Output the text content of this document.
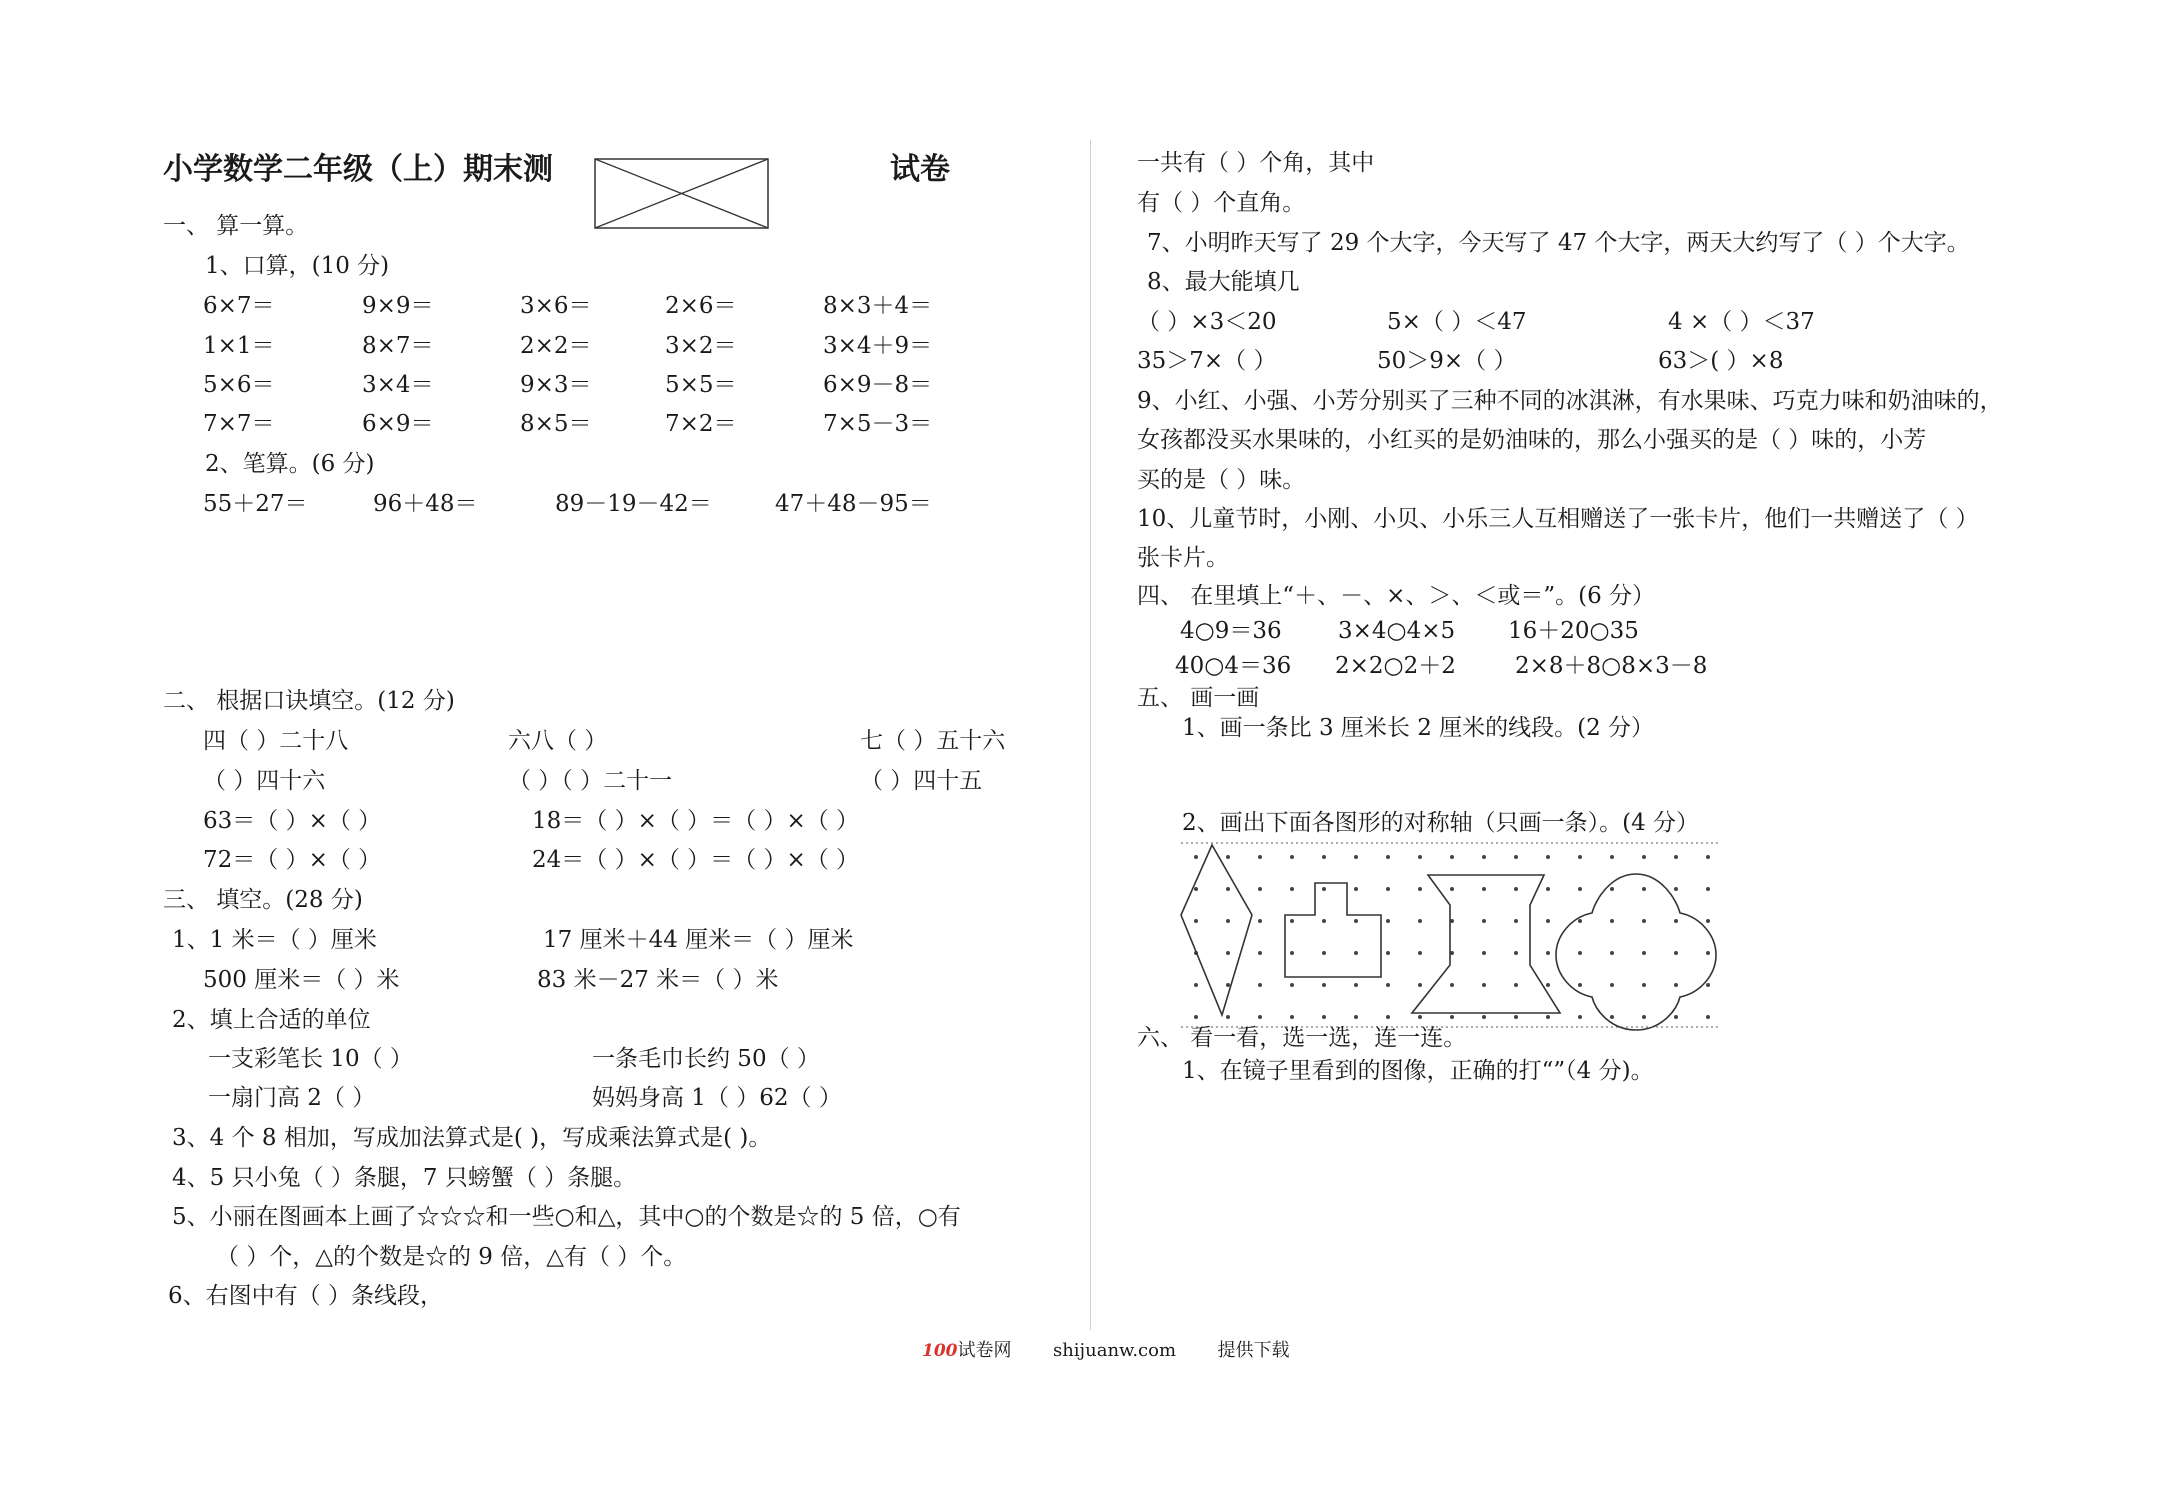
小学数学二年级（上）期末测	试卷
一、 算一算。
1、口算，(10 分)
6×7＝	9×9＝	3×6＝	2×6＝	8×3＋4＝
1×1＝	8×7＝	2×2＝	3×2＝	3×4＋9＝
5×6＝	3×4＝	9×3＝	5×5＝	6×9－8＝
7×7＝	6×9＝	8×5＝	7×2＝	7×5－3＝
2、笔算。(6 分)
55＋27＝	96＋48＝	89－19－42＝	47＋48－95＝
二、 根据口诀填空。(12 分)
四（ ）二十八	六八（ ）	七（ ）五十六
（ ）四十六	（ ）（ ）二十一	（ ）四十五
63＝（ ）×（ ）	18＝（ ）×（ ）＝（ ）×（ ）
72＝（ ）×（ ）	24＝（ ）×（ ）＝（ ）×（ ）
三、 填空。(28 分)
1、1 米＝（ ）厘米	17 厘米＋44 厘米＝（ ）厘米
500 厘米＝（ ）米	83 米－27 米＝（ ）米
2、填上合适的单位
一支彩笔长 10（ ）	一条毛巾长约 50（ ）
一扇门高 2（ ）	妈妈身高 1（ ）62（ ）
3、4 个 8 相加，写成加法算式是( )，写成乘法算式是( )。
4、5 只小兔（ ）条腿，7 只螃蟹（ ）条腿。
5、小丽在图画本上画了☆☆☆和一些○和△，其中○的个数是☆的 5 倍，○有
（ ）个，△的个数是☆的 9 倍，△有（ ）个。
6、右图中有（ ）条线段，
一共有（ ）个角，其中
有（ ）个直角。
7、小明昨天写了 29 个大字，今天写了 47 个大字，两天大约写了（ ）个大字。
8、最大能填几
（ ）×3＜20	5×（ ）＜47	4 ×（ ）＜37
35＞7×（ ）	50＞9×（ ）	63＞( ）×8
9、小红、小强、小芳分别买了三种不同的冰淇淋，有水果味、巧克力味和奶油味的，
女孩都没买水果味的，小红买的是奶油味的，那么小强买的是（ ）味的，小芳
买的是（ ）味。
10、儿童节时，小刚、小贝、小乐三人互相赠送了一张卡片，他们一共赠送了（ ）
张卡片。
四、 在里填上“＋、－、×、＞、＜或＝”。(6 分）
4○9＝36 3×4○4×5 16＋20○35
40○4＝36 2×2○2＋2	2×8＋8○8×3－8
五、 画一画
1、画一条比 3 厘米长 2 厘米的线段。(2 分）
2、画出下面各图形的对称轴（只画一条）。(4 分）
六、 看一看，选一选，连一连。
1、在镜子里看到的图像，正确的打“”（4 分)。
100试卷网 shijuanw.com 提供下载
